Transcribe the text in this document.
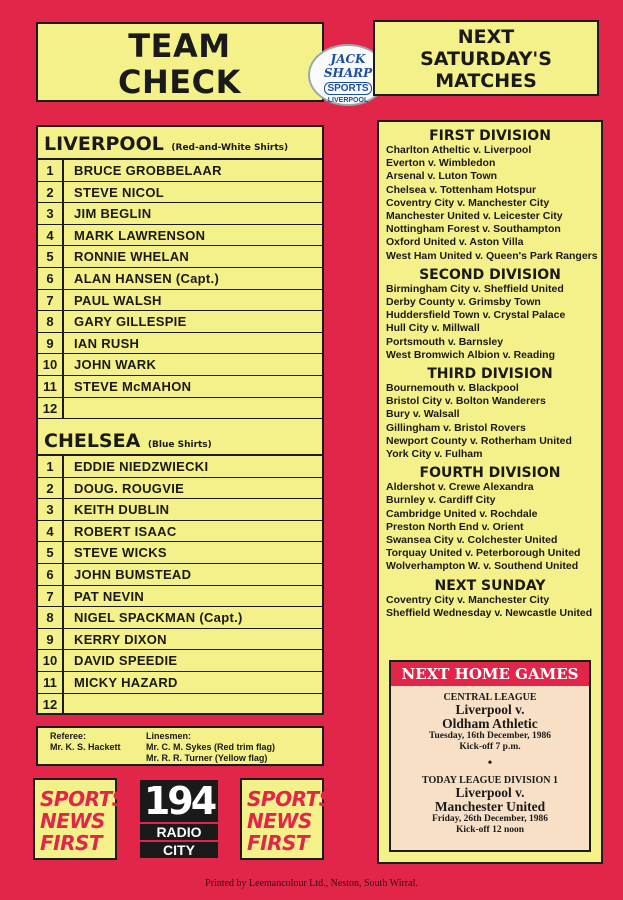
TEAM
CHECK
JACK SHARP
SPORTS
LIVERPOOL
NEXT
SATURDAY'S
MATCHES
LIVERPOOL (Red-and-White Shirts)
1	BRUCE GROBBELAAR
2	STEVE NICOL
3	JIM BEGLIN
4	MARK LAWRENSON
5	RONNIE WHELAN
6	ALAN HANSEN (Capt.)
7	PAUL WALSH
8	GARY GILLESPIE
9	IAN RUSH
10	JOHN WARK
11	STEVE McMAHON
12
CHELSEA (Blue Shirts)
1	EDDIE NIEDZWIECKI
2	DOUG. ROUGVIE
3	KEITH DUBLIN
4	ROBERT ISAAC
5	STEVE WICKS
6	JOHN BUMSTEAD
7	PAT NEVIN
8	NIGEL SPACKMAN (Capt.)
9	KERRY DIXON
10	DAVID SPEEDIE
11	MICKY HAZARD
12
Referee:
Mr. K. S. Hackett
Linesmen:
Mr. C. M. Sykes (Red trim flag)
Mr. R. R. Turner (Yellow flag)
FIRST DIVISION
Charlton Atheltic v. Liverpool
Everton v. Wimbledon
Arsenal v. Luton Town
Chelsea v. Tottenham Hotspur
Coventry City v. Manchester City
Manchester United v. Leicester City
Nottingham Forest v. Southampton
Oxford United v. Aston Villa
West Ham United v. Queen's Park Rangers
SECOND DIVISION
Birmingham City v. Sheffield United
Derby County v. Grimsby Town
Huddersfield Town v. Crystal Palace
Hull City v. Millwall
Portsmouth v. Barnsley
West Bromwich Albion v. Reading
THIRD DIVISION
Bournemouth v. Blackpool
Bristol City v. Bolton Wanderers
Bury v. Walsall
Gillingham v. Bristol Rovers
Newport County v. Rotherham United
York City v. Fulham
FOURTH DIVISION
Aldershot v. Crewe Alexandra
Burnley v. Cardiff City
Cambridge United v. Rochdale
Preston North End v. Orient
Swansea City v. Colchester United
Torquay United v. Peterborough United
Wolverhampton W. v. Southend United
NEXT SUNDAY
Coventry City v. Manchester City
Sheffield Wednesday v. Newcastle United
NEXT HOME GAMES
CENTRAL LEAGUE
Liverpool v.
Oldham Athletic
Tuesday, 16th December, 1986
Kick-off 7 p.m.
•
TODAY LEAGUE DIVISION 1
Liverpool v.
Manchester United
Friday, 26th December, 1986
Kick-off 12 noon
SPORTS
NEWS
FIRST
194
RADIO
CITY
SPORTS
NEWS
FIRST
Printed by Leemancolour Ltd., Neston, South Wirral.
